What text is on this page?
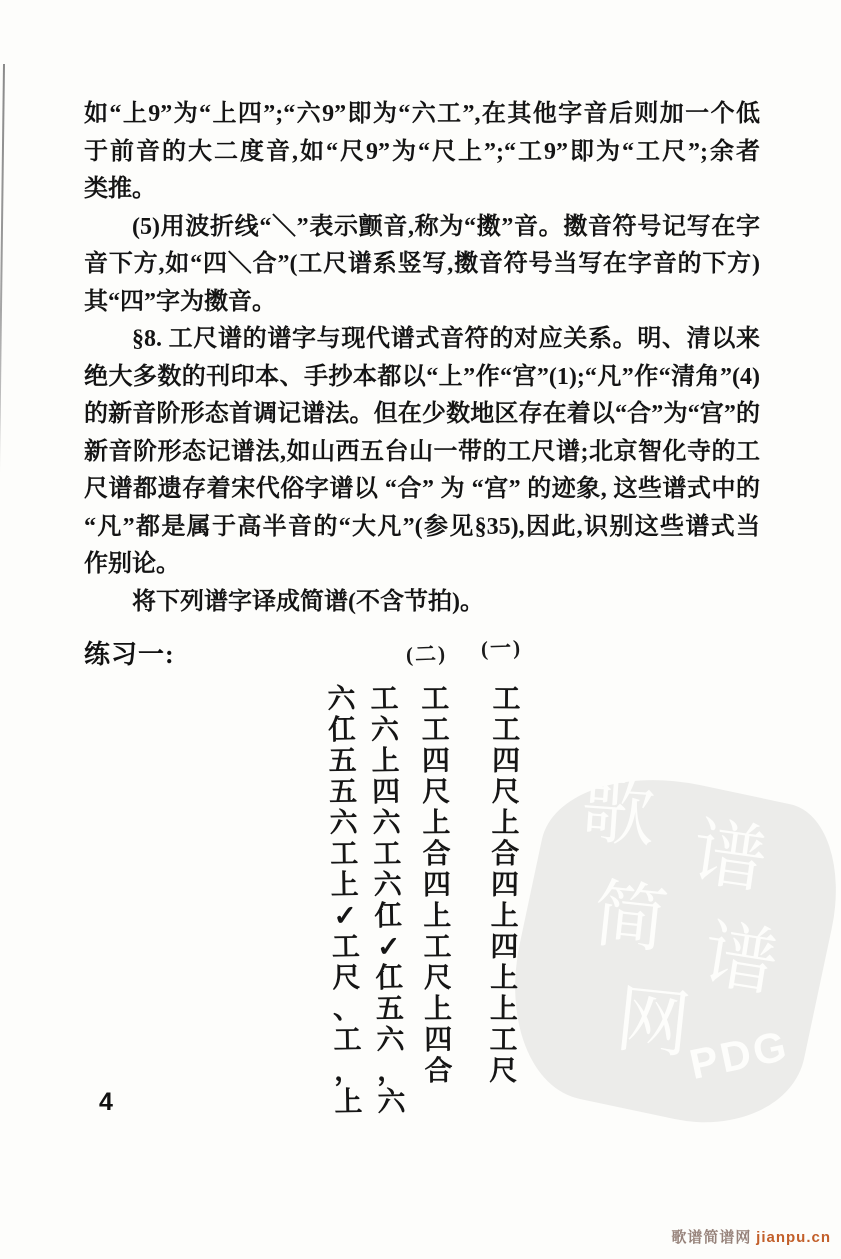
PDG
歌 谱
简 谱
网
如“上9”为“上四”;“六9”即为“六工”,在其他字音后则加一个低
于前音的大二度音,如“尺9”为“尺上”;“工9”即为“工尺”;余者
类推。
(5)用波折线“＼”表示颤音,称为“擞”音。擞音符号记写在字
音下方,如“四＼合”(工尺谱系竖写,擞音符号当写在字音的下方)
其“四”字为擞音。
§8. 工尺谱的谱字与现代谱式音符的对应关系。明、清以来
绝大多数的刊印本、手抄本都以“上”作“宫”(1);“凡”作“清角”(4)
的新音阶形态首调记谱法。但在少数地区存在着以“合”为“宫”的
新音阶形态记谱法,如山西五台山一带的工尺谱;北京智化寺的工
尺谱都遗存着宋代俗字谱以 “合” 为 “宫” 的迹象, 这些谱式中的
“凡”都是属于高半音的“大凡”(参见§35),因此,识别这些谱式当
作别论。
将下列谱字译成简谱(不含节拍)。
练习一:	(二) (一)
工
工
四
尺
上
合
四
上
四
上
上
工
尺
工
工
四
尺
上
合
四
上
工
尺
上
四
合
工
六
上
四
六
工
六
仜
✓
仜
五
六
，
六
六
仜
五
五
六
工
上
✓
工
尺
、
工
，
上
4
歌谱简谱网 jianpu.cn
